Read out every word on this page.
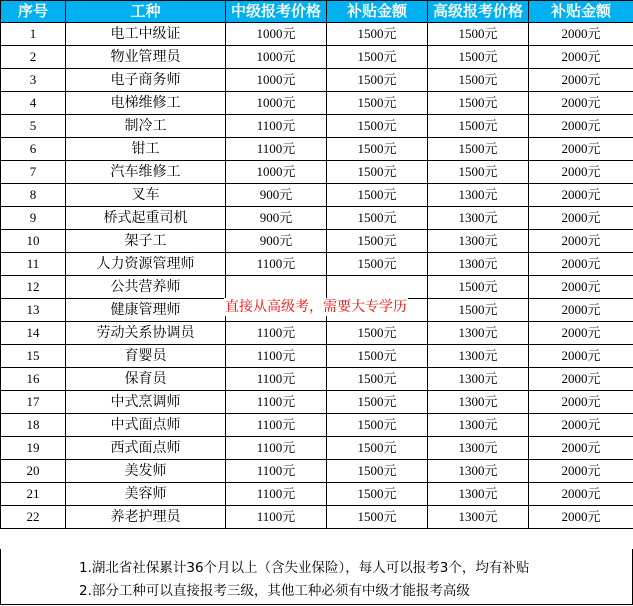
序号	工种	中级报考价格	补贴金额	高级报考价格	补贴金额
1	电工中级证	1000元	1500元	1500元	2000元
2	物业管理员	1000元	1500元	1500元	2000元
3	电子商务师	1000元	1500元	1500元	2000元
4	电梯维修工	1000元	1500元	1500元	2000元
5	制冷工	1100元	1500元	1500元	2000元
6	钳工	1100元	1500元	1500元	2000元
7	汽车维修工	1000元	1500元	1500元	2000元
8	叉车	900元	1500元	1300元	2000元
9	桥式起重司机	900元	1500元	1300元	2000元
10	架子工	900元	1500元	1300元	2000元
11	人力资源管理师	1100元	1500元	1300元	2000元
12	公共营养师			1500元	2000元
13	健康管理师			1500元	2000元
14	劳动关系协调员	1100元	1500元	1300元	2000元
15	育婴员	1100元	1500元	1300元	2000元
16	保育员	1100元	1500元	1300元	2000元
17	中式烹调师	1100元	1500元	1300元	2000元
18	中式面点师	1100元	1500元	1300元	2000元
19	西式面点师	1100元	1500元	1300元	2000元
20	美发师	1100元	1500元	1300元	2000元
21	美容师	1100元	1500元	1300元	2000元
22	养老护理员	1100元	1500元	1300元	2000元
直接从高级考，需要大专学历
1.湖北省社保累计36个月以上（含失业保险），每人可以报考3个，均有补贴
2.部分工种可以直接报考三级，其他工种必须有中级才能报考高级
